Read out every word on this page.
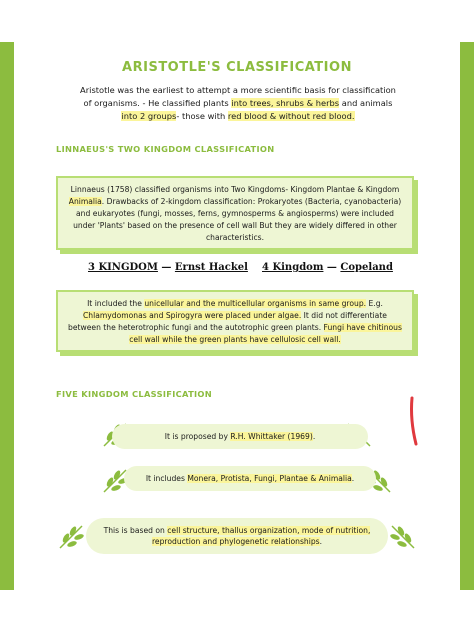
ARISTOTLE'S CLASSIFICATION
Aristotle was the earliest to attempt a more scientific basis for classification of organisms. - He classified plants into trees, shrubs & herbs and animals into 2 groups- those with red blood & without red blood.
LINNAEUS'S TWO KINGDOM CLASSIFICATION
Linnaeus (1758) classified organisms into Two Kingdoms- Kingdom Plantae & Kingdom Animalia. Drawbacks of 2-kingdom classification: Prokaryotes (Bacteria, cyanobacteria) and eukaryotes (fungi, mosses, ferns, gymnosperms & angiosperms) were included under 'Plants' based on the presence of cell wall But they are widely differed in other characteristics.
3 KINGDOM — Ernst Hackel 4 Kingdom — Copeland
It included the unicellular and the multicellular organisms in same group. E.g. Chlamydomonas and Spirogyra were placed under algae. It did not differentiate between the heterotrophic fungi and the autotrophic green plants. Fungi have chitinous cell wall while the green plants have cellulosic cell wall.
FIVE KINGDOM CLASSIFICATION
It is proposed by R.H. Whittaker (1969).
It includes Monera, Protista, Fungi, Plantae & Animalia.
This is based on cell structure, thallus organization, mode of nutrition, reproduction and phylogenetic relationships.
